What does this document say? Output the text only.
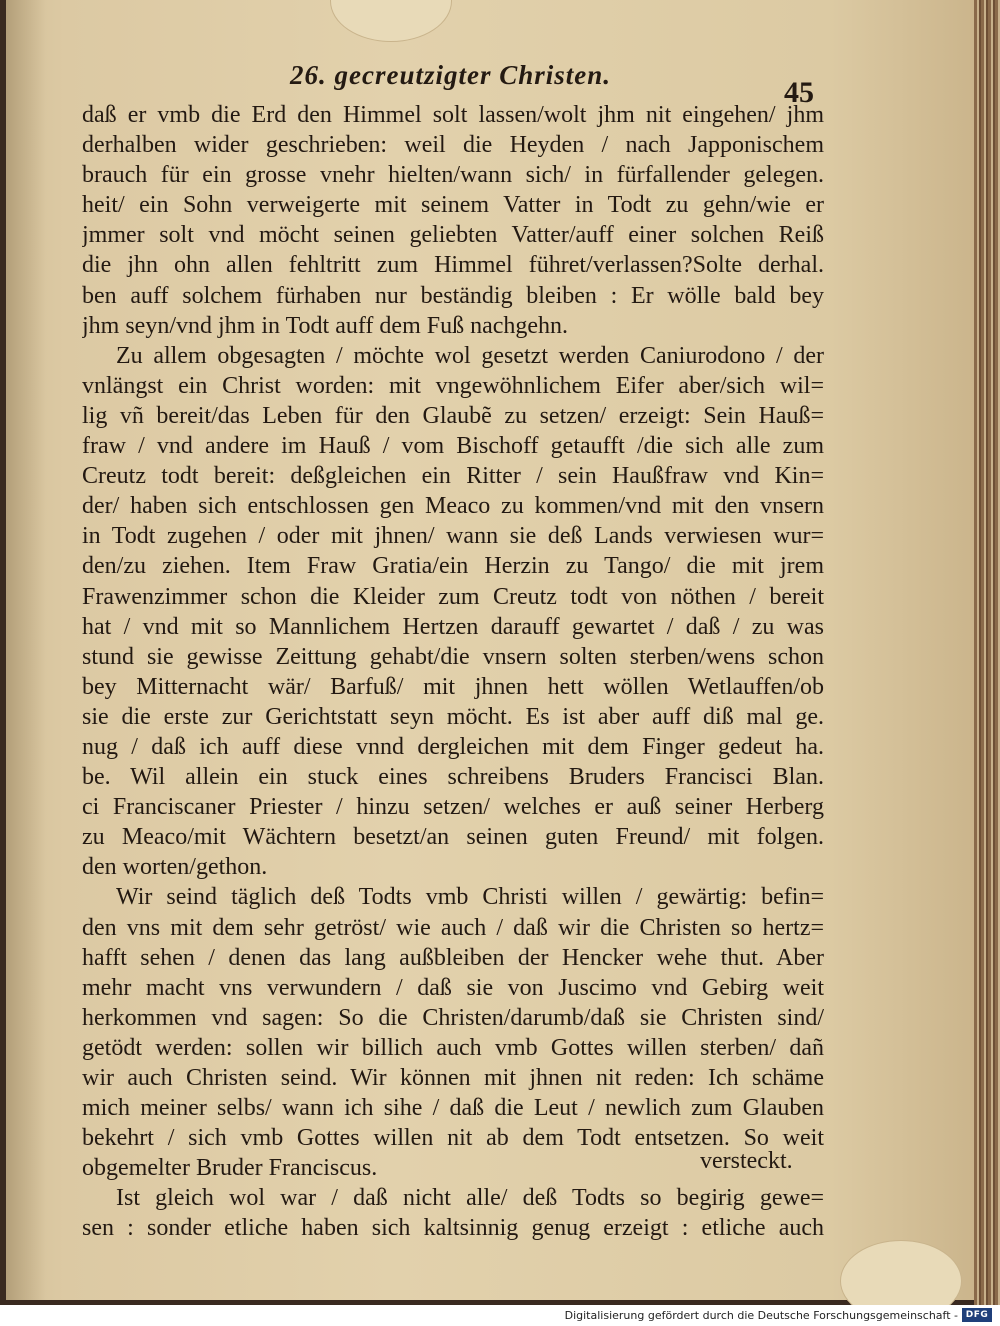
26. gecreutzigter Christen.
45
daß er vmb die Erd den Himmel solt lassen/wolt jhm nit eingehen/ jhm
derhalben wider geschrieben: weil die Heyden / nach Japponischem
brauch für ein grosse vnehr hielten/wann sich/ in fürfallender gelegen.
heit/ ein Sohn verweigerte mit seinem Vatter in Todt zu gehn/wie er
jmmer solt vnd möcht seinen geliebten Vatter/auff einer solchen Reiß
die jhn ohn allen fehltritt zum Himmel führet/verlassen?Solte derhal.
ben auff solchem fürhaben nur beständig bleiben : Er wölle bald bey
jhm seyn/vnd jhm in Todt auff dem Fuß nachgehn.
Zu allem obgesagten / möchte wol gesetzt werden Caniurodono / der
vnlängst ein Christ worden: mit vngewöhnlichem Eifer aber/sich wil=
lig vñ bereit/das Leben für den Glaubẽ zu setzen/ erzeigt: Sein Hauß=
fraw / vnd andere im Hauß / vom Bischoff getaufft /die sich alle zum
Creutz todt bereit: deßgleichen ein Ritter / sein Haußfraw vnd Kin=
der/ haben sich entschlossen gen Meaco zu kommen/vnd mit den vnsern
in Todt zugehen / oder mit jhnen/ wann sie deß Lands verwiesen wur=
den/zu ziehen. Item Fraw Gratia/ein Herzin zu Tango/ die mit jrem
Frawenzimmer schon die Kleider zum Creutz todt von nöthen / bereit
hat / vnd mit so Mannlichem Hertzen darauff gewartet / daß / zu was
stund sie gewisse Zeittung gehabt/die vnsern solten sterben/wens schon
bey Mitternacht wär/ Barfuß/ mit jhnen hett wöllen Wetlauffen/ob
sie die erste zur Gerichtstatt seyn möcht. Es ist aber auff diß mal ge.
nug / daß ich auff diese vnnd dergleichen mit dem Finger gedeut ha.
be. Wil allein ein stuck eines schreibens Bruders Francisci Blan.
ci Franciscaner Priester / hinzu setzen/ welches er auß seiner Herberg
zu Meaco/mit Wächtern besetzt/an seinen guten Freund/ mit folgen.
den worten/gethon.
Wir seind täglich deß Todts vmb Christi willen / gewärtig: befin=
den vns mit dem sehr getröst/ wie auch / daß wir die Christen so hertz=
hafft sehen / denen das lang außbleiben der Hencker wehe thut. Aber
mehr macht vns verwundern / daß sie von Juscimo vnd Gebirg weit
herkommen vnd sagen: So die Christen/darumb/daß sie Christen sind/
getödt werden: sollen wir billich auch vmb Gottes willen sterben/ dañ
wir auch Christen seind. Wir können mit jhnen nit reden: Ich schäme
mich meiner selbs/ wann ich sihe / daß die Leut / newlich zum Glauben
bekehrt / sich vmb Gottes willen nit ab dem Todt entsetzen. So weit
obgemelter Bruder Franciscus.
Ist gleich wol war / daß nicht alle/ deß Todts so begirig gewe=
sen : sonder etliche haben sich kaltsinnig genug erzeigt : etliche auch
versteckt.
Digitalisierung gefördert durch die Deutsche Forschungsgemeinschaft - DFG
